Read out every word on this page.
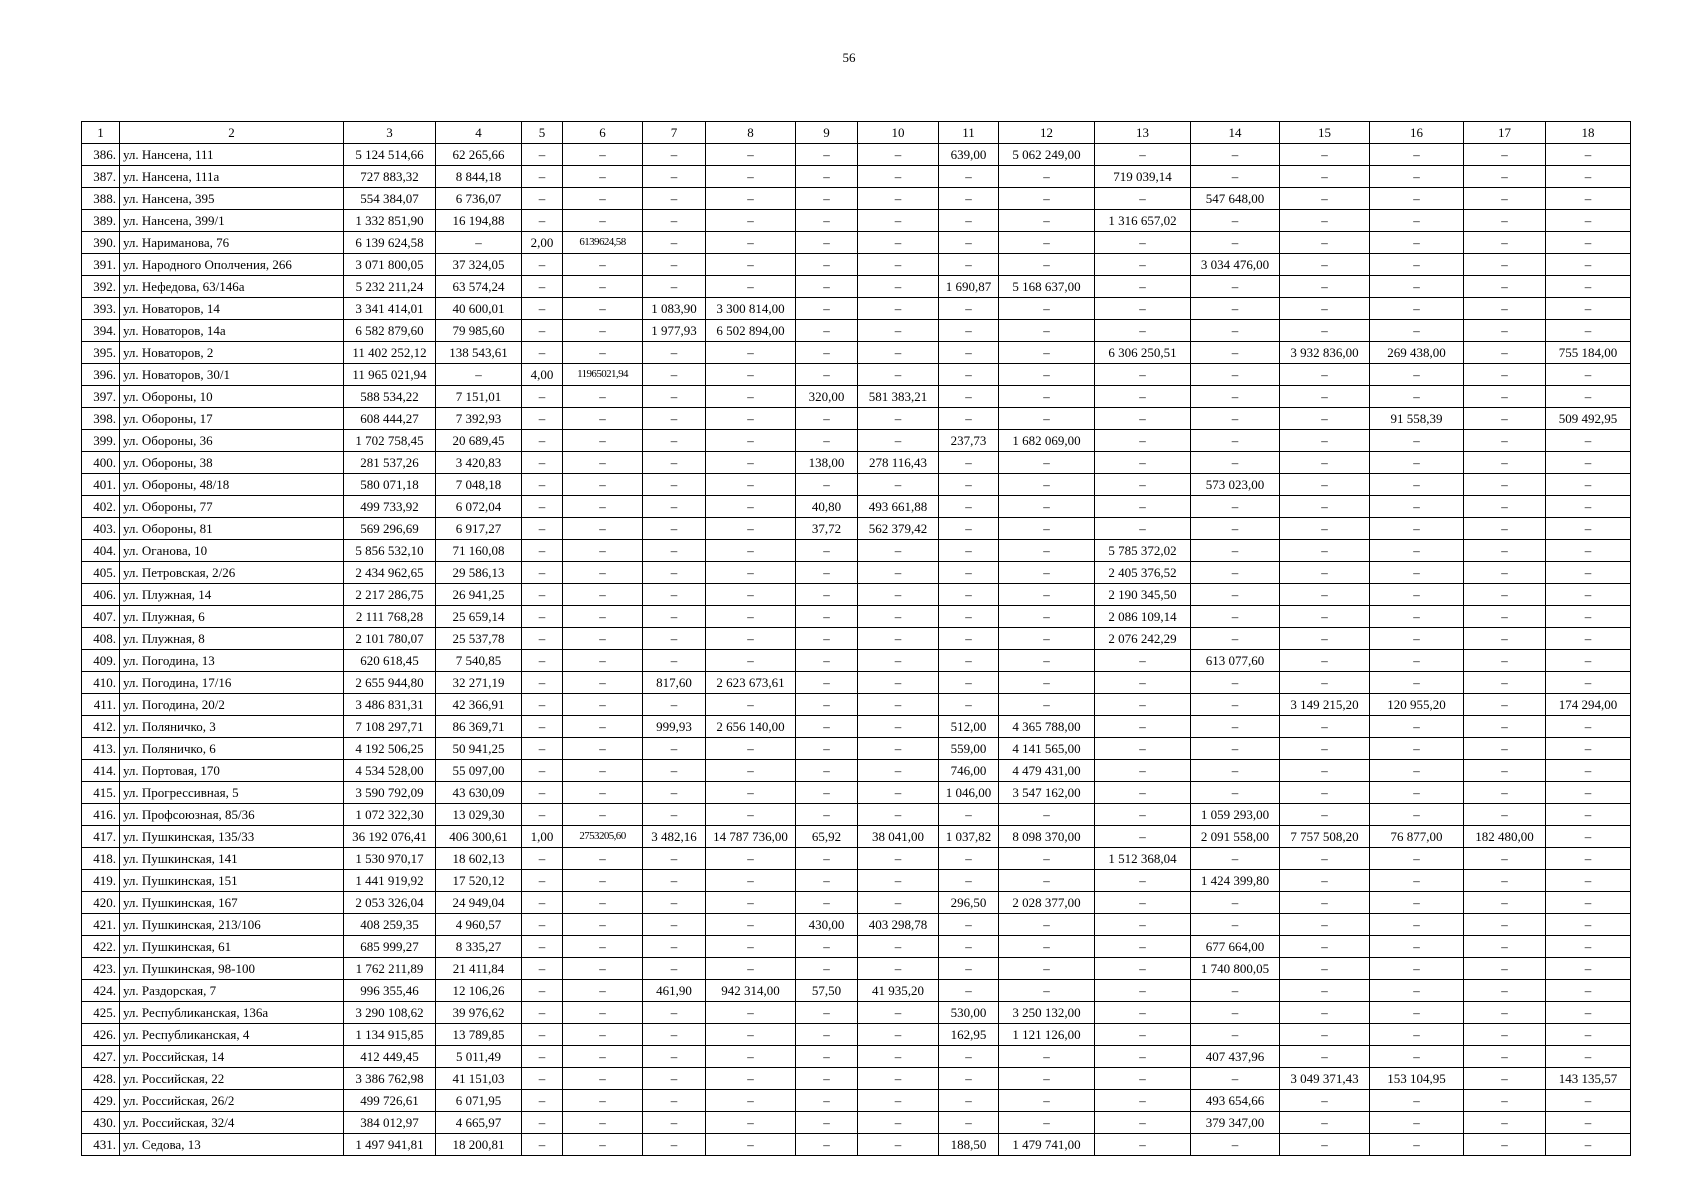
56
1	2	3	4	5	6	7	8	9	10	11	12	13	14	15	16	17	18
386.	ул. Нансена, 111	5 124 514,66	62 265,66	–	–	–	–	–	–	639,00	5 062 249,00	–	–	–	–	–	–
387.	ул. Нансена, 111а	727 883,32	8 844,18	–	–	–	–	–	–	–	–	719 039,14	–	–	–	–	–
388.	ул. Нансена, 395	554 384,07	6 736,07	–	–	–	–	–	–	–	–	–	547 648,00	–	–	–	–
389.	ул. Нансена, 399/1	1 332 851,90	16 194,88	–	–	–	–	–	–	–	–	1 316 657,02	–	–	–	–	–
390.	ул. Нариманова, 76	6 139 624,58	–	2,00	6139624,58	–	–	–	–	–	–	–	–	–	–	–	–
391.	ул. Народного Ополчения, 266	3 071 800,05	37 324,05	–	–	–	–	–	–	–	–	–	3 034 476,00	–	–	–	–
392.	ул. Нефедова, 63/146а	5 232 211,24	63 574,24	–	–	–	–	–	–	1 690,87	5 168 637,00	–	–	–	–	–	–
393.	ул. Новаторов, 14	3 341 414,01	40 600,01	–	–	1 083,90	3 300 814,00	–	–	–	–	–	–	–	–	–	–
394.	ул. Новаторов, 14а	6 582 879,60	79 985,60	–	–	1 977,93	6 502 894,00	–	–	–	–	–	–	–	–	–	–
395.	ул. Новаторов, 2	11 402 252,12	138 543,61	–	–	–	–	–	–	–	–	6 306 250,51	–	3 932 836,00	269 438,00	–	755 184,00
396.	ул. Новаторов, 30/1	11 965 021,94	–	4,00	11965021,94	–	–	–	–	–	–	–	–	–	–	–	–
397.	ул. Обороны, 10	588 534,22	7 151,01	–	–	–	–	320,00	581 383,21	–	–	–	–	–	–	–	–
398.	ул. Обороны, 17	608 444,27	7 392,93	–	–	–	–	–	–	–	–	–	–	–	91 558,39	–	509 492,95
399.	ул. Обороны, 36	1 702 758,45	20 689,45	–	–	–	–	–	–	237,73	1 682 069,00	–	–	–	–	–	–
400.	ул. Обороны, 38	281 537,26	3 420,83	–	–	–	–	138,00	278 116,43	–	–	–	–	–	–	–	–
401.	ул. Обороны, 48/18	580 071,18	7 048,18	–	–	–	–	–	–	–	–	–	573 023,00	–	–	–	–
402.	ул. Обороны, 77	499 733,92	6 072,04	–	–	–	–	40,80	493 661,88	–	–	–	–	–	–	–	–
403.	ул. Обороны, 81	569 296,69	6 917,27	–	–	–	–	37,72	562 379,42	–	–	–	–	–	–	–	–
404.	ул. Оганова, 10	5 856 532,10	71 160,08	–	–	–	–	–	–	–	–	5 785 372,02	–	–	–	–	–
405.	ул. Петровская, 2/26	2 434 962,65	29 586,13	–	–	–	–	–	–	–	–	2 405 376,52	–	–	–	–	–
406.	ул. Плужная, 14	2 217 286,75	26 941,25	–	–	–	–	–	–	–	–	2 190 345,50	–	–	–	–	–
407.	ул. Плужная, 6	2 111 768,28	25 659,14	–	–	–	–	–	–	–	–	2 086 109,14	–	–	–	–	–
408.	ул. Плужная, 8	2 101 780,07	25 537,78	–	–	–	–	–	–	–	–	2 076 242,29	–	–	–	–	–
409.	ул. Погодина, 13	620 618,45	7 540,85	–	–	–	–	–	–	–	–	–	613 077,60	–	–	–	–
410.	ул. Погодина, 17/16	2 655 944,80	32 271,19	–	–	817,60	2 623 673,61	–	–	–	–	–	–	–	–	–	–
411.	ул. Погодина, 20/2	3 486 831,31	42 366,91	–	–	–	–	–	–	–	–	–	–	3 149 215,20	120 955,20	–	174 294,00
412.	ул. Поляничко, 3	7 108 297,71	86 369,71	–	–	999,93	2 656 140,00	–	–	512,00	4 365 788,00	–	–	–	–	–	–
413.	ул. Поляничко, 6	4 192 506,25	50 941,25	–	–	–	–	–	–	559,00	4 141 565,00	–	–	–	–	–	–
414.	ул. Портовая, 170	4 534 528,00	55 097,00	–	–	–	–	–	–	746,00	4 479 431,00	–	–	–	–	–	–
415.	ул. Прогрессивная, 5	3 590 792,09	43 630,09	–	–	–	–	–	–	1 046,00	3 547 162,00	–	–	–	–	–	–
416.	ул. Профсоюзная, 85/36	1 072 322,30	13 029,30	–	–	–	–	–	–	–	–	–	1 059 293,00	–	–	–	–
417.	ул. Пушкинская, 135/33	36 192 076,41	406 300,61	1,00	2753205,60	3 482,16	14 787 736,00	65,92	38 041,00	1 037,82	8 098 370,00	–	2 091 558,00	7 757 508,20	76 877,00	182 480,00	–
418.	ул. Пушкинская, 141	1 530 970,17	18 602,13	–	–	–	–	–	–	–	–	1 512 368,04	–	–	–	–	–
419.	ул. Пушкинская, 151	1 441 919,92	17 520,12	–	–	–	–	–	–	–	–	–	1 424 399,80	–	–	–	–
420.	ул. Пушкинская, 167	2 053 326,04	24 949,04	–	–	–	–	–	–	296,50	2 028 377,00	–	–	–	–	–	–
421.	ул. Пушкинская, 213/106	408 259,35	4 960,57	–	–	–	–	430,00	403 298,78	–	–	–	–	–	–	–	–
422.	ул. Пушкинская, 61	685 999,27	8 335,27	–	–	–	–	–	–	–	–	–	677 664,00	–	–	–	–
423.	ул. Пушкинская, 98-100	1 762 211,89	21 411,84	–	–	–	–	–	–	–	–	–	1 740 800,05	–	–	–	–
424.	ул. Раздорская, 7	996 355,46	12 106,26	–	–	461,90	942 314,00	57,50	41 935,20	–	–	–	–	–	–	–	–
425.	ул. Республиканская, 136а	3 290 108,62	39 976,62	–	–	–	–	–	–	530,00	3 250 132,00	–	–	–	–	–	–
426.	ул. Республиканская, 4	1 134 915,85	13 789,85	–	–	–	–	–	–	162,95	1 121 126,00	–	–	–	–	–	–
427.	ул. Российская, 14	412 449,45	5 011,49	–	–	–	–	–	–	–	–	–	407 437,96	–	–	–	–
428.	ул. Российская, 22	3 386 762,98	41 151,03	–	–	–	–	–	–	–	–	–	–	3 049 371,43	153 104,95	–	143 135,57
429.	ул. Российская, 26/2	499 726,61	6 071,95	–	–	–	–	–	–	–	–	–	493 654,66	–	–	–	–
430.	ул. Российская, 32/4	384 012,97	4 665,97	–	–	–	–	–	–	–	–	–	379 347,00	–	–	–	–
431.	ул. Седова, 13	1 497 941,81	18 200,81	–	–	–	–	–	–	188,50	1 479 741,00	–	–	–	–	–	–
